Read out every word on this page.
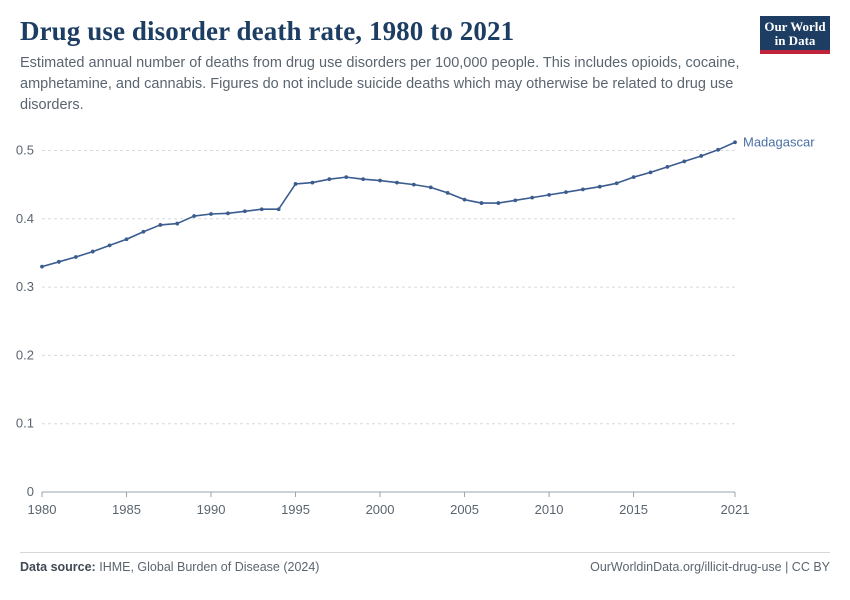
Drug use disorder death rate, 1980 to 2021

Estimated annual number of deaths from drug use disorders per 100,000 people. This includes opioids, cocaine, amphetamine, and cannabis. Figures do not include suicide deaths which may otherwise be related to drug use disorders.

Our World
in Data
0
0.1
0.2
0.3
0.4
0.5
1980	1985	1990	1995	2000	2005	2010	2015	2021
Madagascar
Data source: IHME, Global Burden of Disease (2024)	OurWorldinData.org/illicit-drug-use | CC BY
